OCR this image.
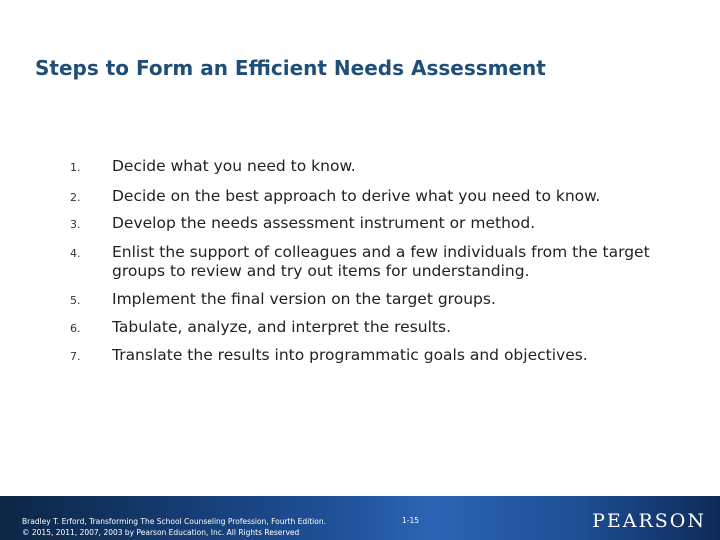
Steps to Form an Efficient Needs Assessment
1. Decide what you need to know.
2. Decide on the best approach to derive what you need to know.
3. Develop the needs assessment instrument or method.
4. Enlist the support of colleagues and a few individuals from the target groups to review and try out items for understanding.
5. Implement the final version on the target groups.
6. Tabulate, analyze, and interpret the results.
7. Translate the results into programmatic goals and objectives.
Bradley T. Erford, Transforming The School Counseling Profession, Fourth Edition.
© 2015, 2011, 2007, 2003 by Pearson Education, Inc. All Rights Reserved
1-15	PEARSON
